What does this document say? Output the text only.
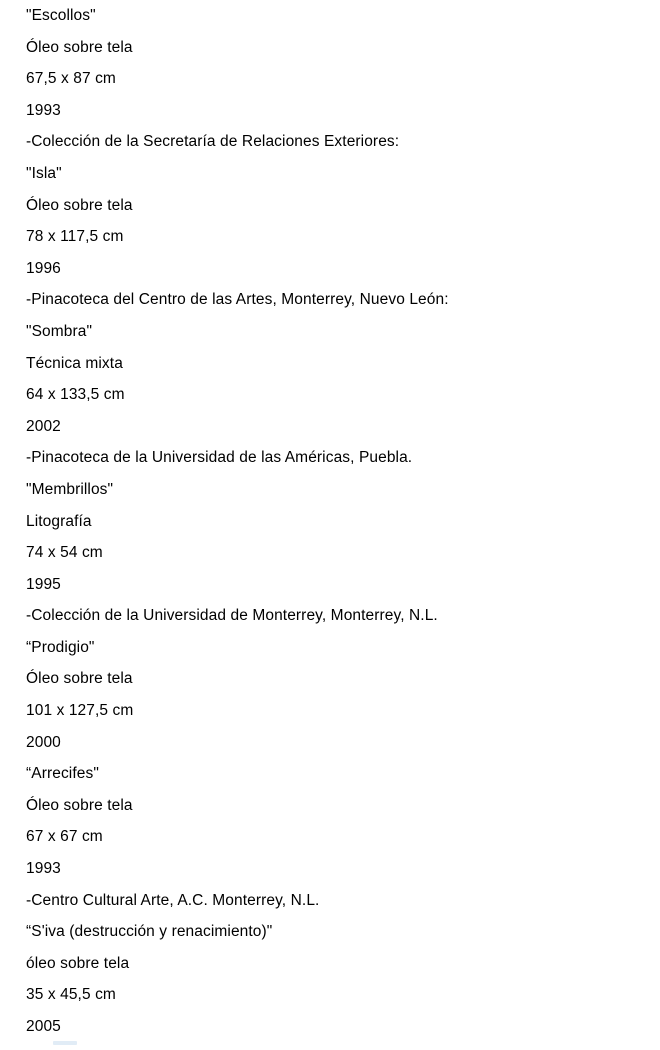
"Escollos"

Óleo sobre tela

67,5 x 87 cm

1993

-Colección de la Secretaría de Relaciones Exteriores:

"Isla"

Óleo sobre tela

78 x 117,5 cm

1996

-Pinacoteca del Centro de las Artes, Monterrey, Nuevo León:

"Sombra"

Técnica mixta

64 x 133,5 cm

2002

-Pinacoteca de la Universidad de las Américas, Puebla.

"Membrillos"

Litografía

74 x 54 cm

1995

-Colección de la Universidad de Monterrey, Monterrey, N.L.

“Prodigio"

Óleo sobre tela

101 x 127,5 cm

2000

“Arrecifes"

Óleo sobre tela

67 x 67 cm

1993

-Centro Cultural Arte, A.C. Monterrey, N.L.

“S'iva (destrucción y renacimiento)"

óleo sobre tela

35 x 45,5 cm

2005
